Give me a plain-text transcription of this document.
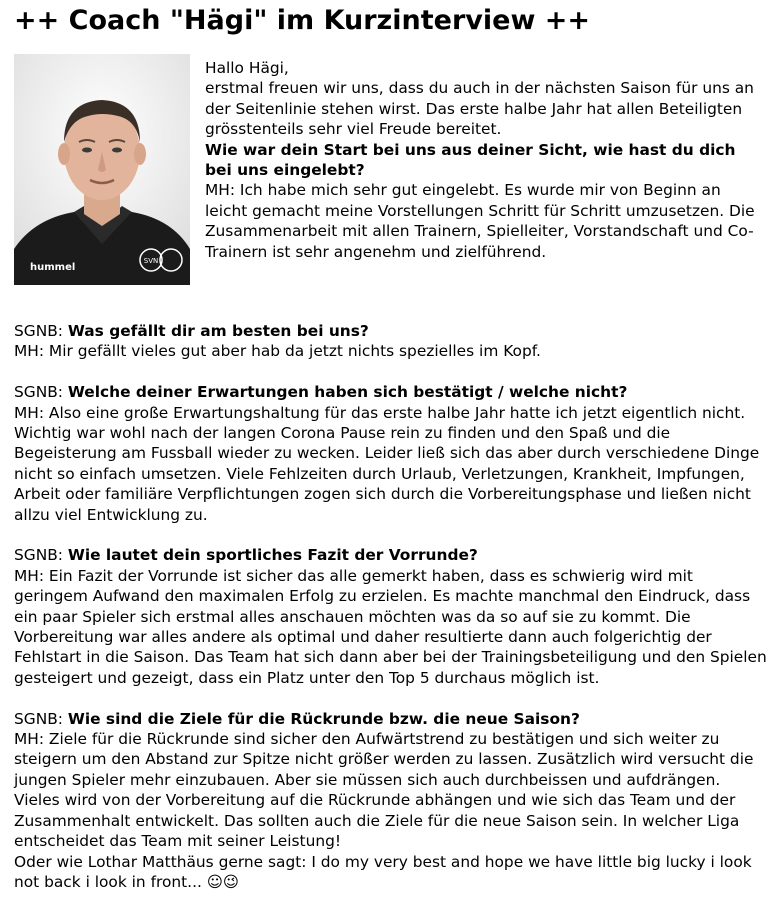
++ Coach "Hägi" im Kurzinterview ++
hummel
SVN

Hallo Hägi,

erstmal freuen wir uns, dass du auch in der nächsten Saison für uns an der Seitenlinie stehen wirst. Das erste halbe Jahr hat allen Beteiligten grösstenteils sehr viel Freude bereitet.

Wie war dein Start bei uns aus deiner Sicht, wie hast du dich bei uns eingelebt?

MH: Ich habe mich sehr gut eingelebt. Es wurde mir von Beginn an leicht gemacht meine Vorstellungen Schritt für Schritt umzusetzen. Die Zusammenarbeit mit allen Trainern, Spielleiter, Vorstandschaft und Co-Trainern ist sehr angenehm und zielführend.

SGNB: Was gefällt dir am besten bei uns?

MH: Mir gefällt vieles gut aber hab da jetzt nichts spezielles im Kopf.

SGNB: Welche deiner Erwartungen haben sich bestätigt / welche nicht?

MH: Also eine große Erwartungshaltung für das erste halbe Jahr hatte ich jetzt eigentlich nicht. Wichtig war wohl nach der langen Corona Pause rein zu finden und den Spaß und die Begeisterung am Fussball wieder zu wecken. Leider ließ sich das aber durch verschiedene Dinge nicht so einfach umsetzen. Viele Fehlzeiten durch Urlaub, Verletzungen, Krankheit, Impfungen, Arbeit oder familiäre Verpflichtungen zogen sich durch die Vorbereitungsphase und ließen nicht allzu viel Entwicklung zu.

SGNB: Wie lautet dein sportliches Fazit der Vorrunde?

MH: Ein Fazit der Vorrunde ist sicher das alle gemerkt haben, dass es schwierig wird mit geringem Aufwand den maximalen Erfolg zu erzielen. Es machte manchmal den Eindruck, dass ein paar Spieler sich erstmal alles anschauen möchten was da so auf sie zu kommt. Die Vorbereitung war alles andere als optimal und daher resultierte dann auch folgerichtig der Fehlstart in die Saison. Das Team hat sich dann aber bei der Trainingsbeteiligung und den Spielen gesteigert und gezeigt, dass ein Platz unter den Top 5 durchaus möglich ist.

SGNB: Wie sind die Ziele für die Rückrunde bzw. die neue Saison?

MH: Ziele für die Rückrunde sind sicher den Aufwärtstrend zu bestätigen und sich weiter zu steigern um den Abstand zur Spitze nicht größer werden zu lassen. Zusätzlich wird versucht die jungen Spieler mehr einzubauen. Aber sie müssen sich auch durchbeissen und aufdrängen. Vieles wird von der Vorbereitung auf die Rückrunde abhängen und wie sich das Team und der Zusammenhalt entwickelt. Das sollten auch die Ziele für die neue Saison sein. In welcher Liga entscheidet das Team mit seiner Leistung!

Oder wie Lothar Matthäus gerne sagt: I do my very best and hope we have little big lucky i look not back i look in front... ☺😉
